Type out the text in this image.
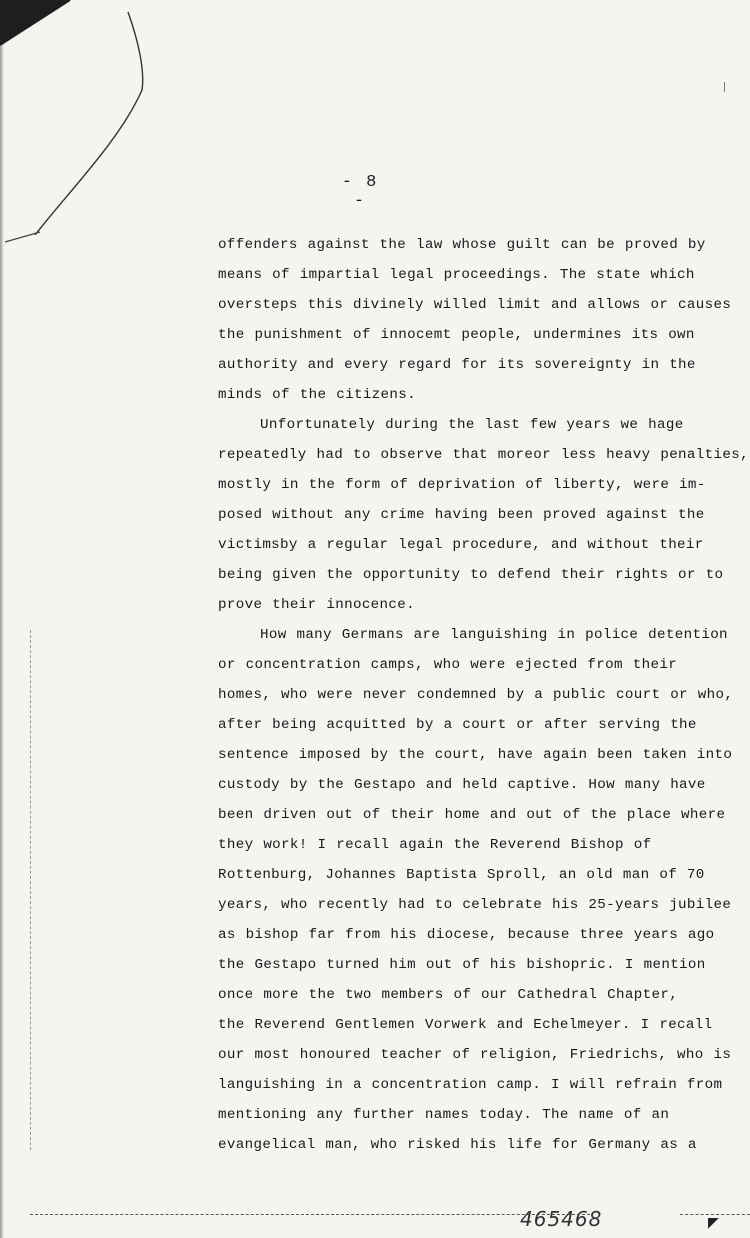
- 8 -
offenders against the law whose guilt can be proved by
means of impartial legal proceedings. The state which
oversteps this divinely willed limit and allows or causes
the punishment of innocemt people, undermines its own
authority and every regard for its sovereignty in the
minds of the citizens.
Unfortunately during the last few years we hage
repeatedly had to observe that moreor less heavy penalties,
mostly in the form of deprivation of liberty, were im-
posed without any crime having been proved against the
victimsby a regular legal procedure, and without their
being given the opportunity to defend their rights or to
prove their innocence.
How many Germans are languishing in police detention
or concentration camps, who were ejected from their
homes, who were never condemned by a public court or who,
after being acquitted by a court or after serving the
sentence imposed by the court, have again been taken into
custody by the Gestapo and held captive. How many have
been driven out of their home and out of the place where
they work! I recall again the Reverend Bishop of
Rottenburg, Johannes Baptista Sproll, an old man of 70
years, who recently had to celebrate his 25-years jubilee
as bishop far from his diocese, because three years ago
the Gestapo turned him out of his bishopric. I mention
once more the two members of our Cathedral Chapter,
the Reverend Gentlemen Vorwerk and Echelmeyer. I recall
our most honoured teacher of religion, Friedrichs, who is
languishing in a concentration camp. I will refrain from
mentioning any further names today. The name of an
evangelical man, who risked his life for Germany as a
465468	◤
